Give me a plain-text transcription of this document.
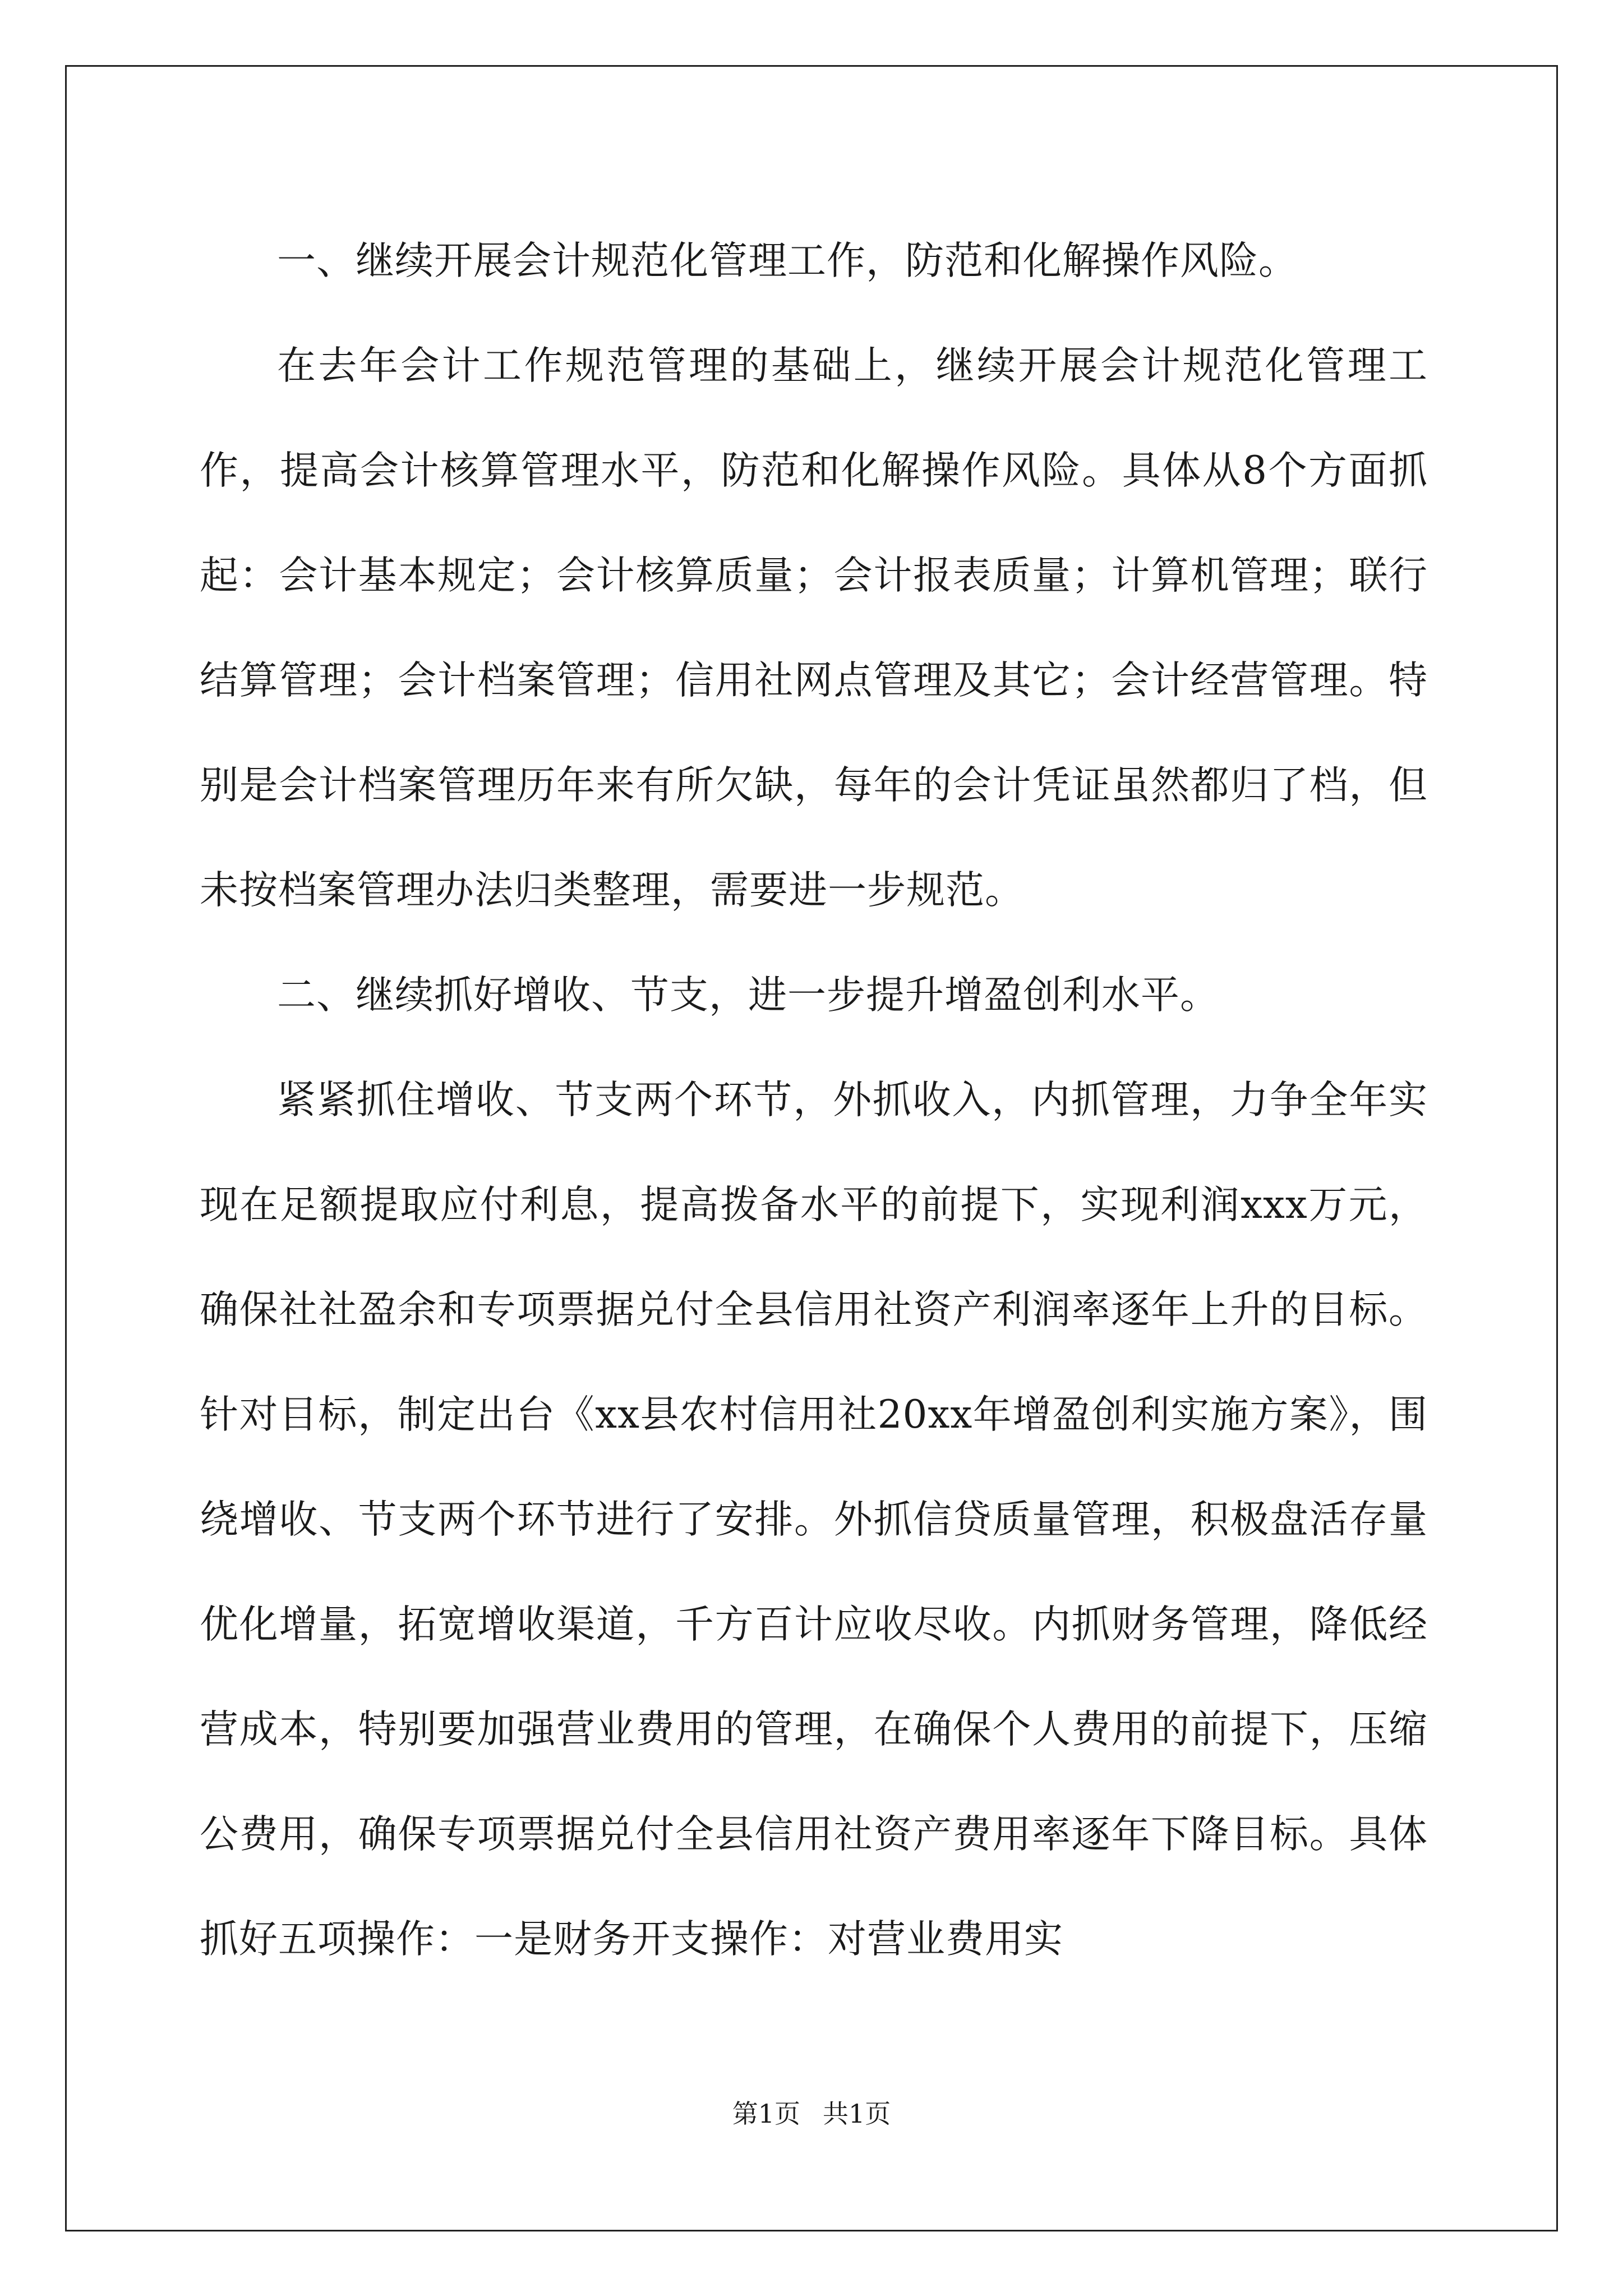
一、继续开展会计规范化管理工作，防范和化解操作风险。

在去年会计工作规范管理的基础上，继续开展会计规范化管理工作，提高会计核算管理水平，防范和化解操作风险。具体从8个方面抓起：会计基本规定；会计核算质量；会计报表质量；计算机管理；联行结算管理；会计档案管理；信用社网点管理及其它；会计经营管理。特别是会计档案管理历年来有所欠缺，每年的会计凭证虽然都归了档，但未按档案管理办法归类整理，需要进一步规范。

二、继续抓好增收、节支，进一步提升增盈创利水平。

紧紧抓住增收、节支两个环节，外抓收入，内抓管理，力争全年实现在足额提取应付利息，提高拨备水平的前提下，实现利润xxx万元，确保社社盈余和专项票据兑付全县信用社资产利润率逐年上升的目标。针对目标，制定出台《xx县农村信用社20xx年增盈创利实施方案》，围绕增收、节支两个环节进行了安排。外抓信贷质量管理，积极盘活存量优化增量，拓宽增收渠道，千方百计应收尽收。内抓财务管理，降低经营成本，特别要加强营业费用的管理，在确保个人费用的前提下，压缩公费用，确保专项票据兑付全县信用社资产费用率逐年下降目标。具体抓好五项操作：一是财务开支操作：对营业费用实

第1页 共1页
